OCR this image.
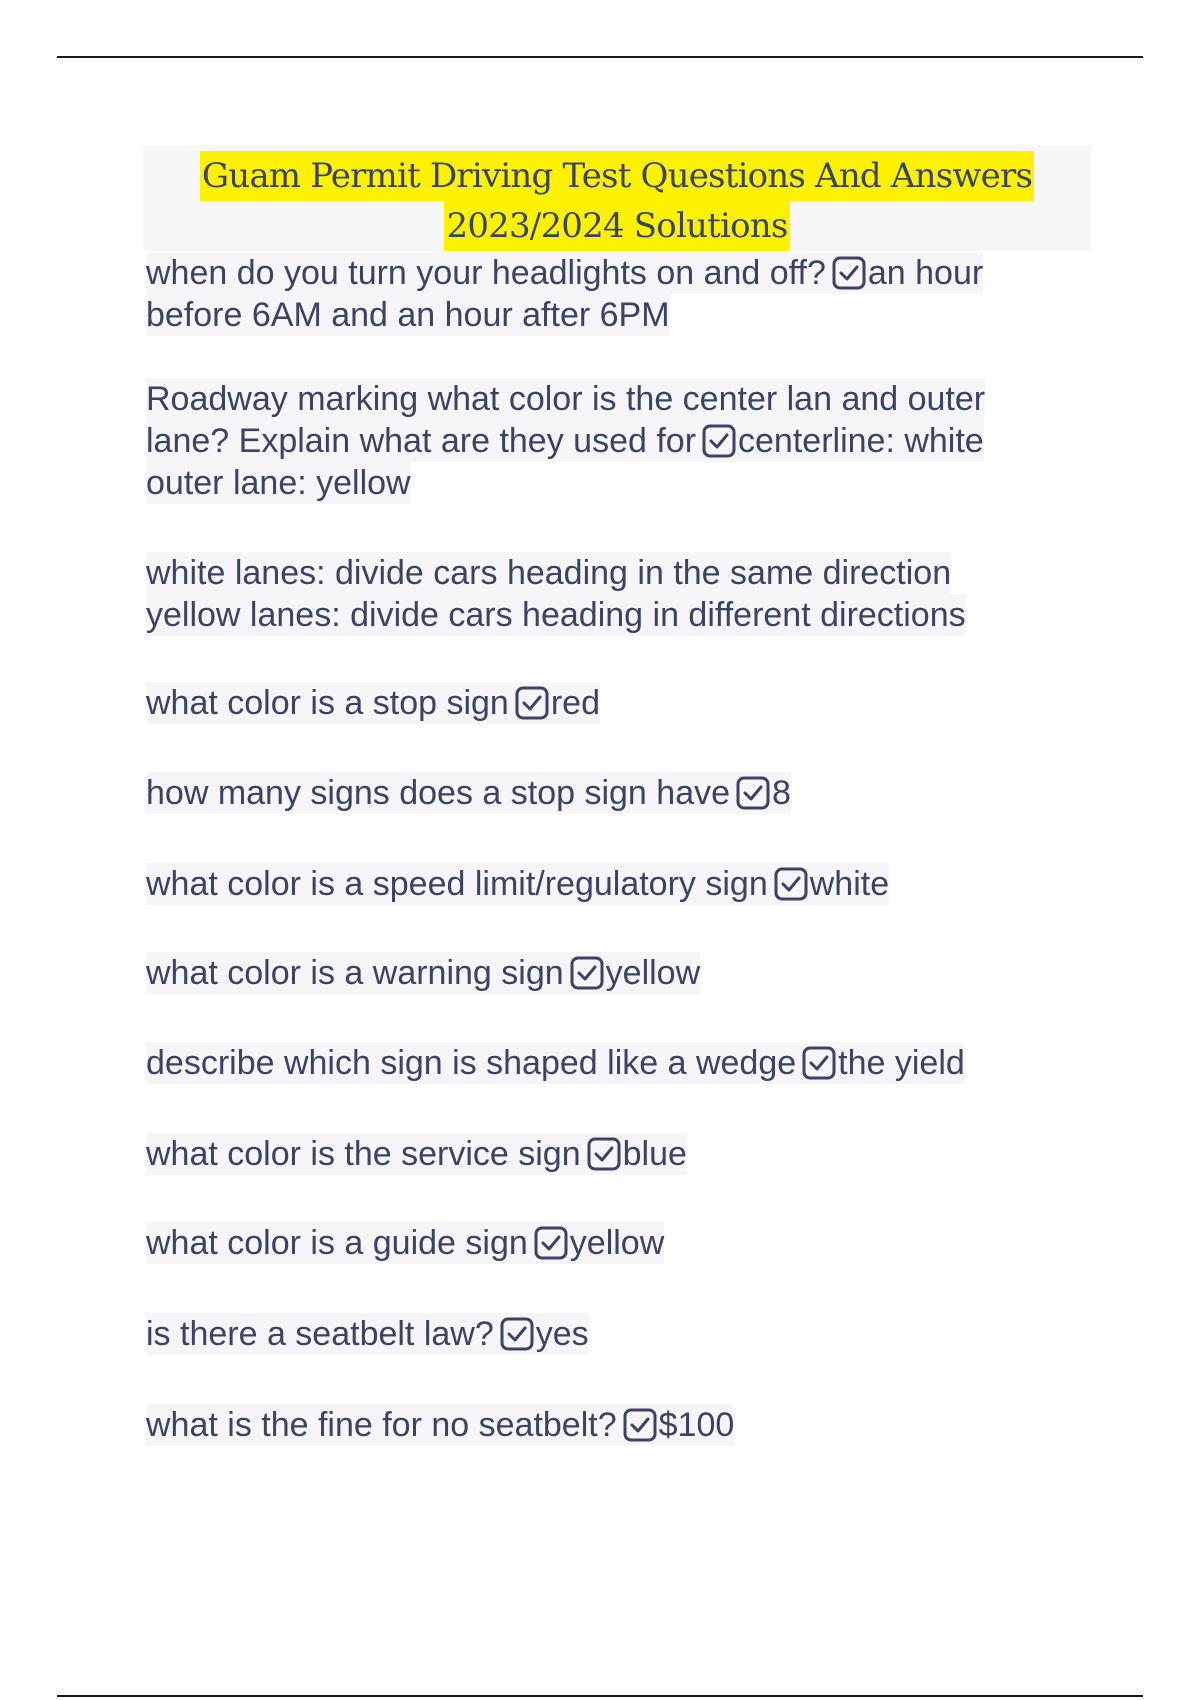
Guam Permit Driving Test Questions And Answers
2023/2024 Solutions
when do you turn your headlights on and off? an hour
before 6AM and an hour after 6PM
Roadway marking what color is the center lan and outer
lane? Explain what are they used for centerline: white
outer lane: yellow
white lanes: divide cars heading in the same direction
yellow lanes: divide cars heading in different directions
what color is a stop sign red
how many signs does a stop sign have 8
what color is a speed limit/regulatory sign white
what color is a warning sign yellow
describe which sign is shaped like a wedge the yield
what color is the service sign blue
what color is a guide sign yellow
is there a seatbelt law? yes
what is the fine for no seatbelt? $100
